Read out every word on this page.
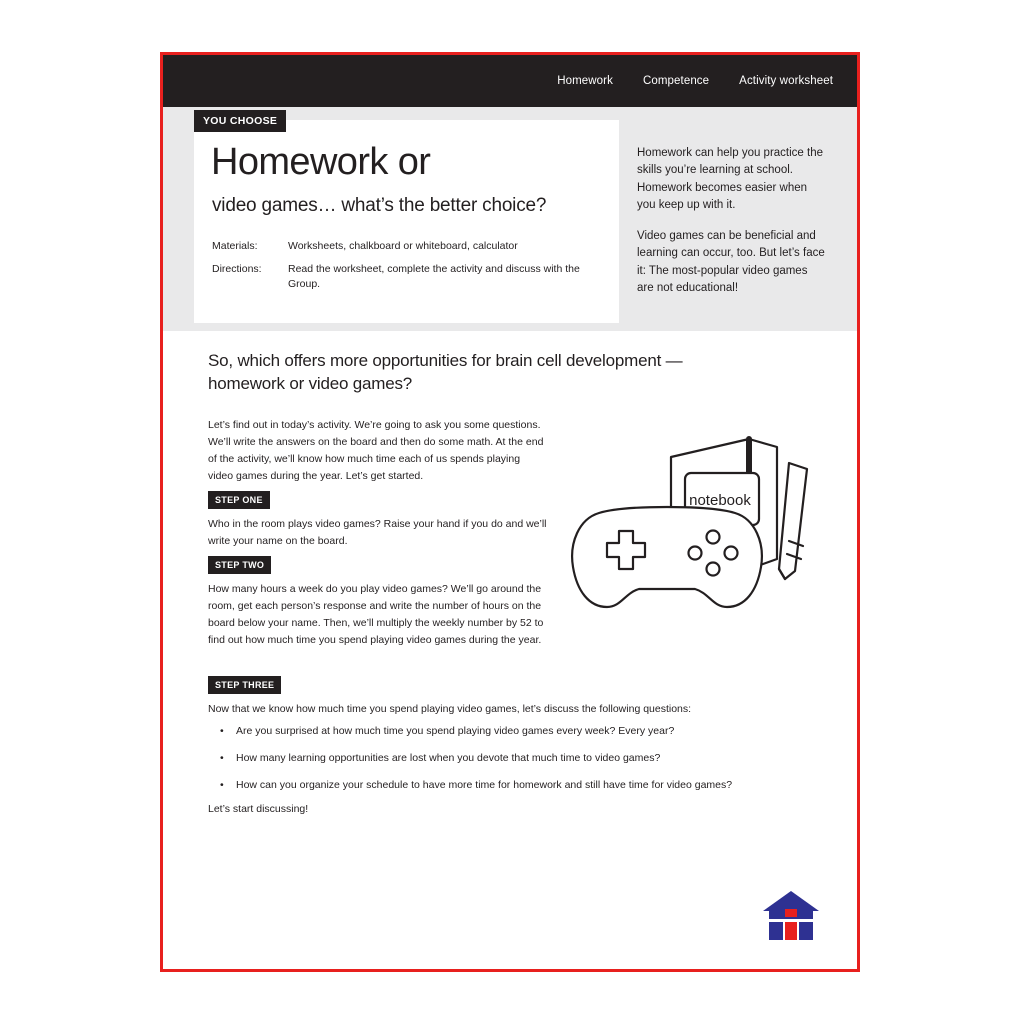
Homework	Competence	Activity worksheet
YOU CHOOSE
Homework or
video games… what’s the better choice?
Materials:	Worksheets, chalkboard or whiteboard, calculator
Directions:	Read the worksheet, complete the activity and discuss with the Group.

Homework can help you practice the skills you’re learning at school. Homework becomes easier when you keep up with it.

Video games can be beneficial and learning can occur, too. But let’s face it: The most-popular video games are not educational!

So, which offers more opportunities for brain cell development — homework or video games?
Let’s find out in today’s activity. We’re going to ask you some questions. We’ll write the answers on the board and then do some math. At the end of the activity, we’ll know how much time each of us spends playing video games during the year. Let’s get started.
STEP ONE
Who in the room plays video games? Raise your hand if you do and we’ll write your name on the board.
STEP TWO
How many hours a week do you play video games? We’ll go around the room, get each person’s response and write the number of hours on the board below your name. Then, we’ll multiply the weekly number by 52 to find out how much time you spend playing video games during the year.
STEP THREE
Now that we know how much time you spend playing video games, let’s discuss the following questions:
•	Are you surprised at how much time you spend playing video games every week? Every year?
•	How many learning opportunities are lost when you devote that much time to video games?
•	How can you organize your schedule to have more time for homework and still have time for video games?
Let’s start discussing!
notebook
